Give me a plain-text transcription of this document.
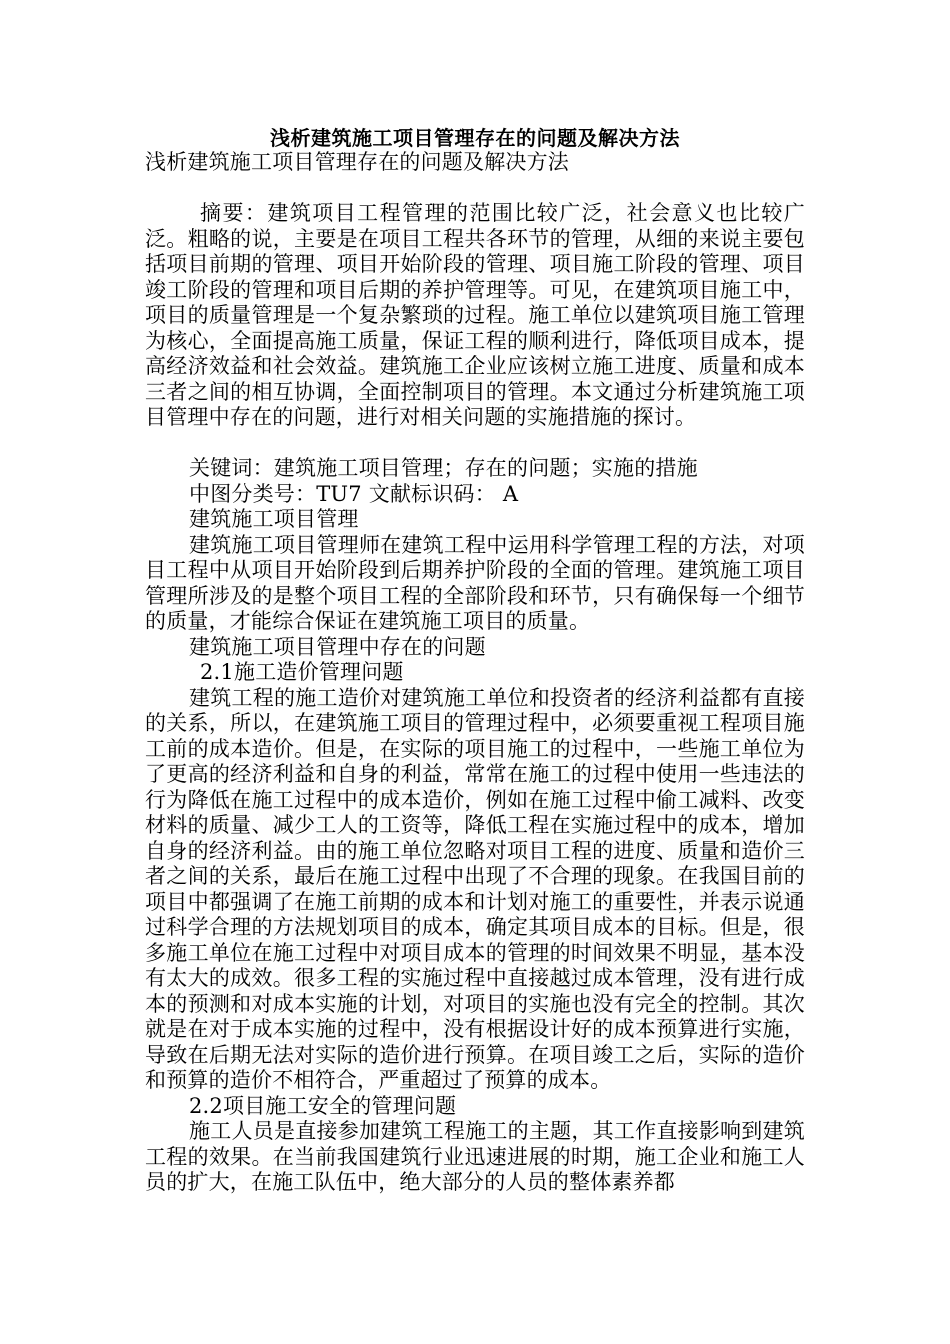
浅析建筑施工项目管理存在的问题及解决方法

浅析建筑施工项目管理存在的问题及解决方法

摘要：建筑项目工程管理的范围比较广泛，社会意义也比较广泛。粗略的说，主要是在项目工程共各环节的管理，从细的来说主要包括项目前期的管理、项目开始阶段的管理、项目施工阶段的管理、项目竣工阶段的管理和项目后期的养护管理等。可见，在建筑项目施工中，项目的质量管理是一个复杂繁琐的过程。施工单位以建筑项目施工管理为核心，全面提高施工质量，保证工程的顺利进行，降低项目成本，提高经济效益和社会效益。建筑施工企业应该树立施工进度、质量和成本三者之间的相互协调，全面控制项目的管理。本文通过分析建筑施工项目管理中存在的问题，进行对相关问题的实施措施的探讨。

关键词：建筑施工项目管理；存在的问题；实施的措施

中图分类号：TU7 文献标识码： A

建筑施工项目管理

建筑施工项目管理师在建筑工程中运用科学管理工程的方法，对项目工程中从项目开始阶段到后期养护阶段的全面的管理。建筑施工项目管理所涉及的是整个项目工程的全部阶段和环节，只有确保每一个细节的质量，才能综合保证在建筑施工项目的质量。

建筑施工项目管理中存在的问题

2.1施工造价管理问题

建筑工程的施工造价对建筑施工单位和投资者的经济利益都有直接的关系，所以，在建筑施工项目的管理过程中，必须要重视工程项目施工前的成本造价。但是，在实际的项目施工的过程中，一些施工单位为了更高的经济利益和自身的利益，常常在施工的过程中使用一些违法的行为降低在施工过程中的成本造价，例如在施工过程中偷工减料、改变材料的质量、减少工人的工资等，降低工程在实施过程中的成本，增加自身的经济利益。由的施工单位忽略对项目工程的进度、质量和造价三者之间的关系，最后在施工过程中出现了不合理的现象。在我国目前的项目中都强调了在施工前期的成本和计划对施工的重要性，并表示说通过科学合理的方法规划项目的成本，确定其项目成本的目标。但是，很多施工单位在施工过程中对项目成本的管理的时间效果不明显，基本没有太大的成效。很多工程的实施过程中直接越过成本管理，没有进行成本的预测和对成本实施的计划，对项目的实施也没有完全的控制。其次就是在对于成本实施的过程中，没有根据设计好的成本预算进行实施，导致在后期无法对实际的造价进行预算。在项目竣工之后，实际的造价和预算的造价不相符合，严重超过了预算的成本。

2.2项目施工安全的管理问题

施工人员是直接参加建筑工程施工的主题，其工作直接影响到建筑工程的效果。在当前我国建筑行业迅速进展的时期，施工企业和施工人员的扩大，在施工队伍中，绝大部分的人员的整体素养都
